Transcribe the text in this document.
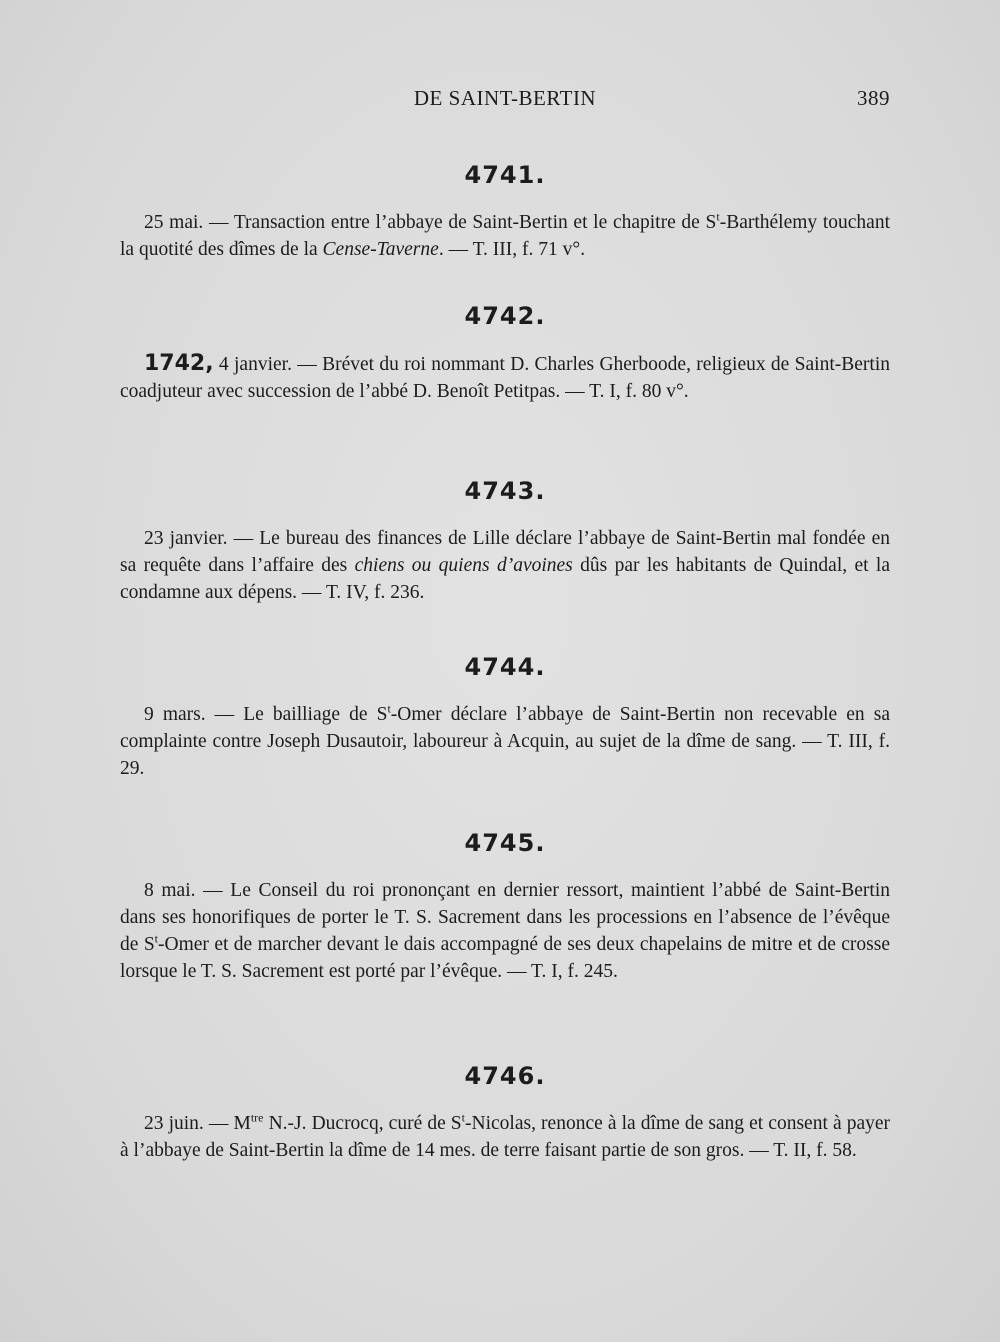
DE SAINT-BERTIN	389
4741.

25 mai. — Transaction entre l’abbaye de Saint-Bertin et le chapitre de $S^t$-Barthélemy touchant la quotité des dîmes de la Cense-Taverne. — T. III, f. 71 v°.

4742.

1742, 4 janvier. — Brévet du roi nommant D. Charles Gherboode, religieux de Saint-Bertin coadjuteur avec succession de l’abbé D. Benoît Petitpas. — T. I, f. 80 v°.

4743.

23 janvier. — Le bureau des finances de Lille déclare l’abbaye de Saint-Bertin mal fondée en sa requête dans l’affaire des chiens ou quiens d’avoines dûs par les habitants de Quindal, et la condamne aux dépens. — T. IV, f. 236.

4744.

9 mars. — Le bailliage de $S^t$-Omer déclare l’abbaye de Saint-Bertin non recevable en sa complainte contre Joseph Dusautoir, laboureur à Acquin, au sujet de la dîme de sang. — T. III, f. 29.

4745.

8 mai. — Le Conseil du roi prononçant en dernier ressort, maintient l’abbé de Saint-Bertin dans ses honorifiques de porter le T. S. Sacrement dans les processions en l’absence de l’évêque de $S^t$-Omer et de marcher devant le dais accompagné de ses deux chapelains de mitre et de crosse lorsque le T. S. Sacrement est porté par l’évêque. — T. I, f. 245.

4746.

23 juin. — $M^{tre}$ N.-J. Ducrocq, curé de $S^t$-Nicolas, renonce à la dîme de sang et consent à payer à l’abbaye de Saint-Bertin la dîme de 14 mes. de terre faisant partie de son gros. — T. II, f. 58.
